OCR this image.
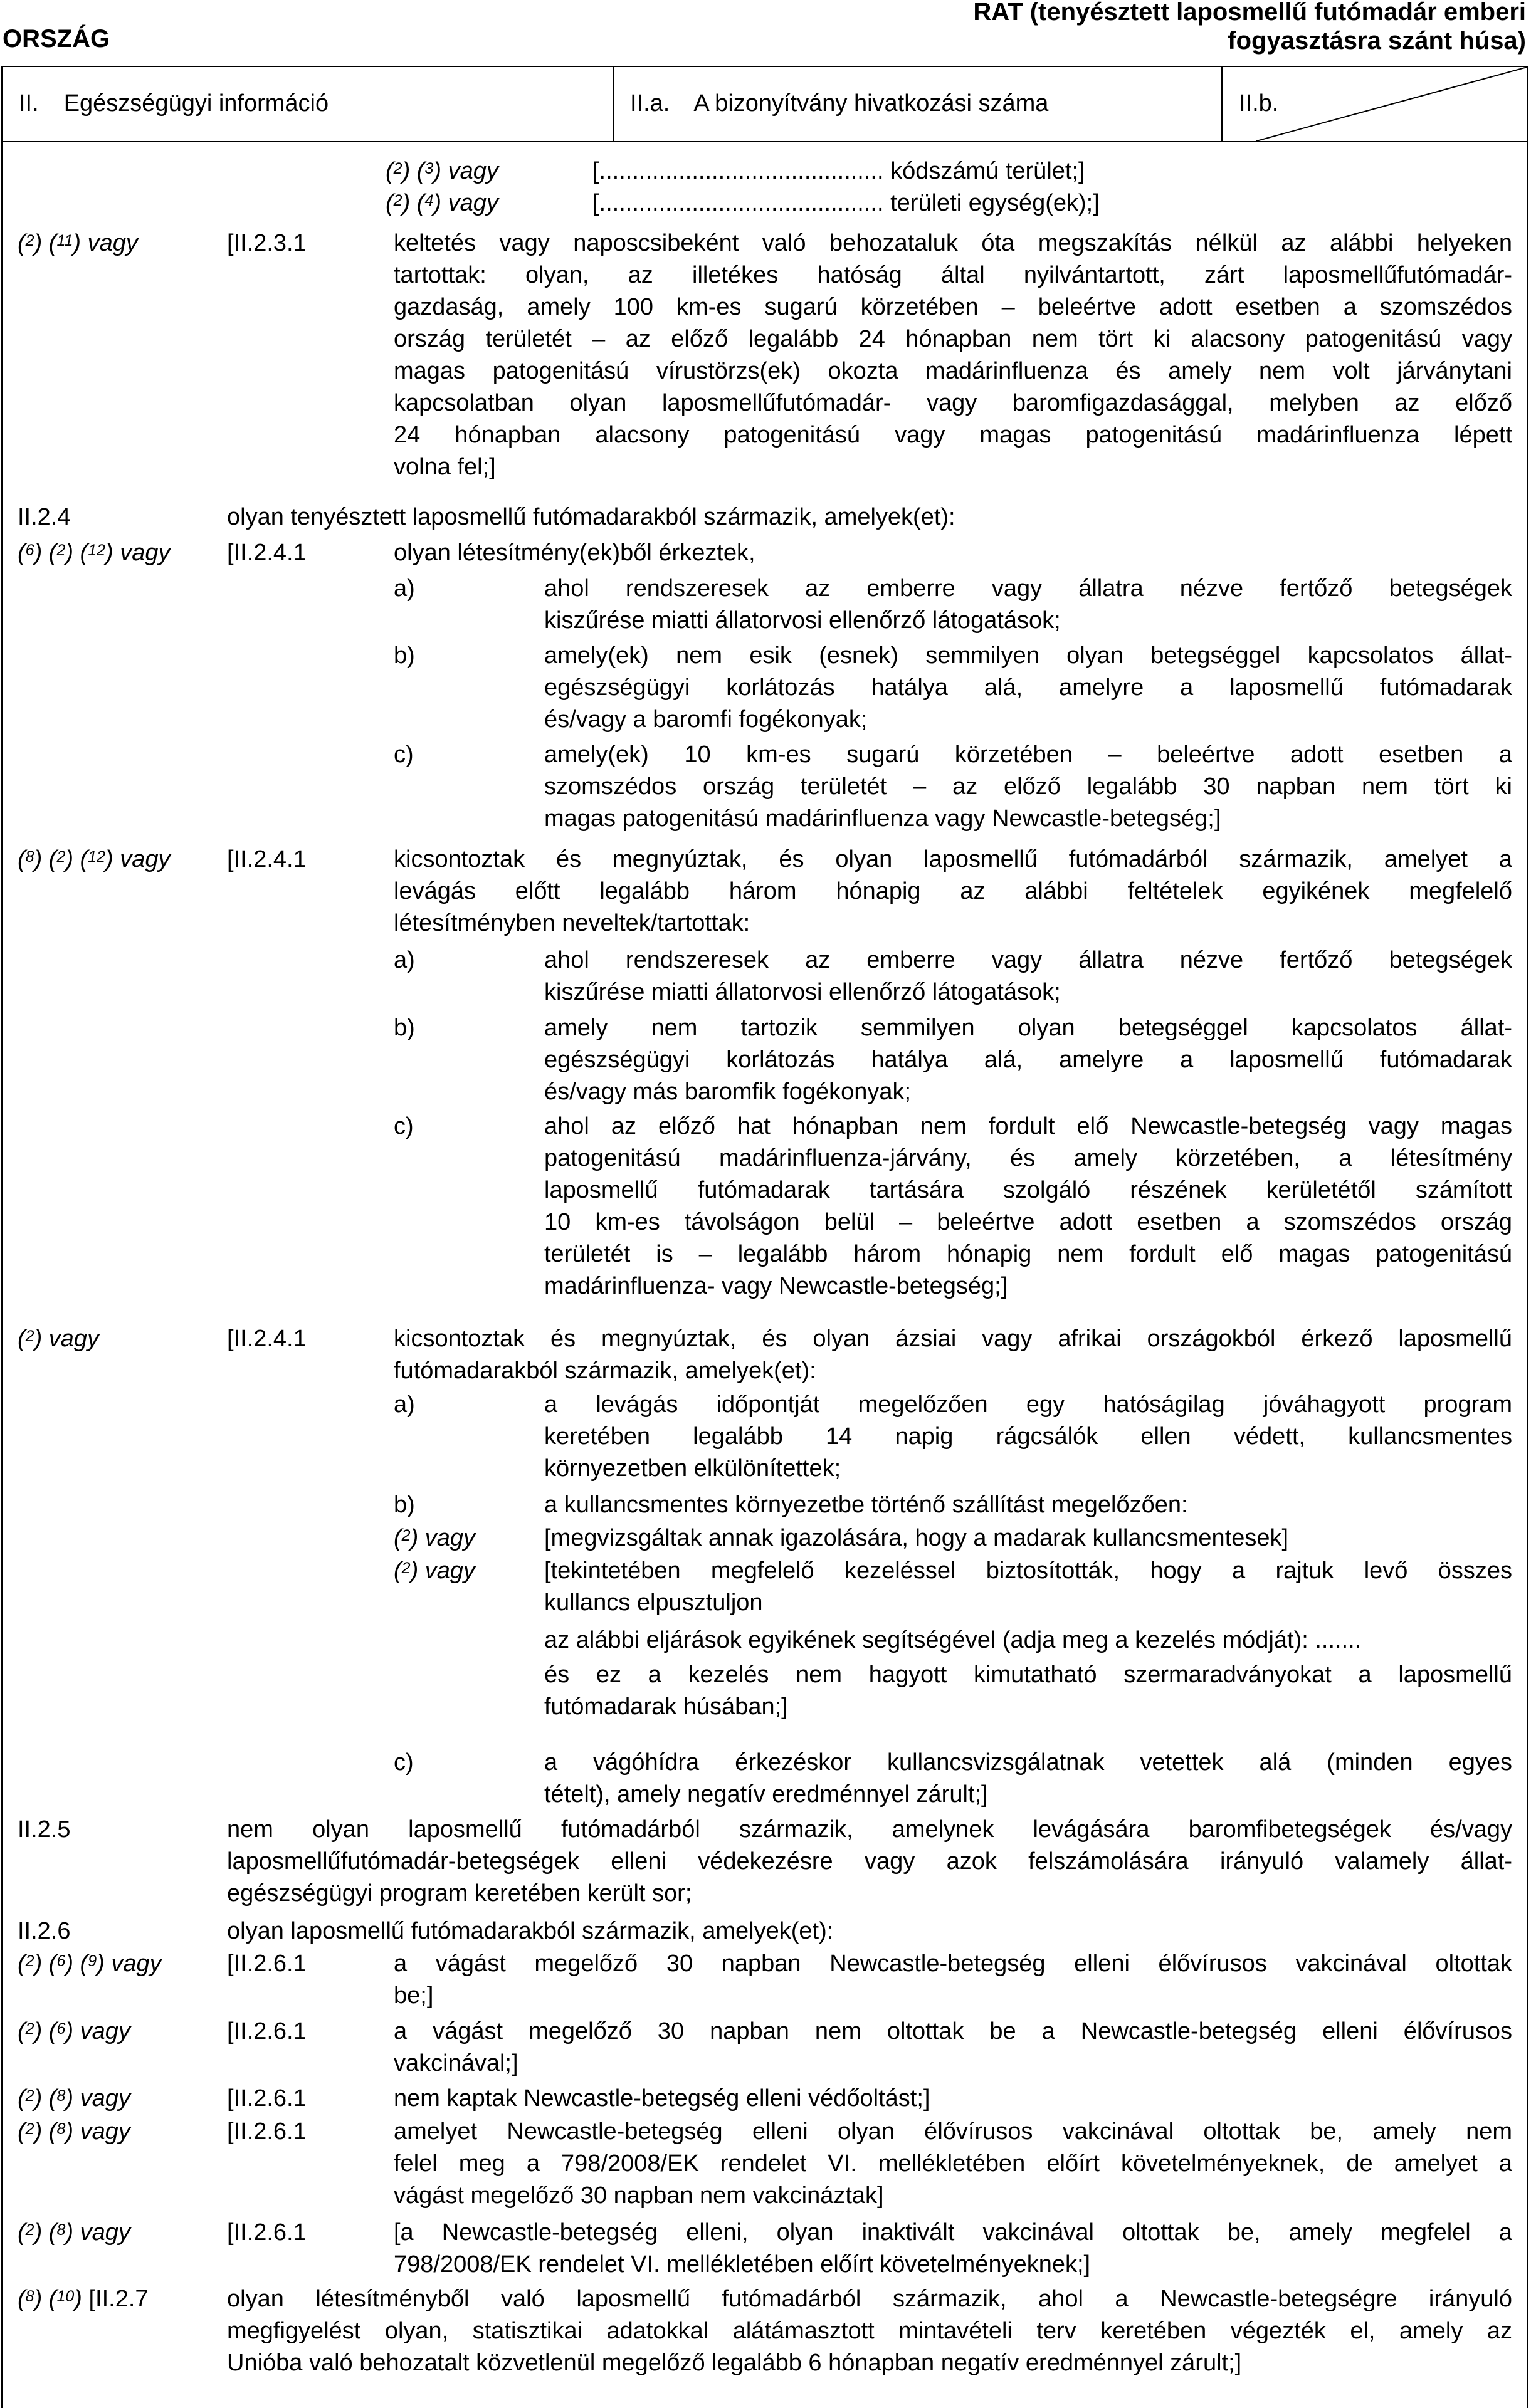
ORSZÁG
RAT (tenyésztett laposmellű futómadár emberi
fogyasztásra szánt húsa)
II. Egészségügyi információ	II.a. A bizonyítvány hivatkozási száma	II.b.
($^2$) ($^3$) vagy	[........................................... kódszámú terület;]
($^2$) ($^4$) vagy	[........................................... területi egység(ek);]
($^2$) ($^{11}$) vagy	[II.2.3.1	keltetés vagy naposcsibeként való behozataluk óta megszakítás nélkül az alábbi helyeken
tartottak: olyan, az illetékes hatóság által nyilvántartott, zárt laposmellűfutómadár-
gazdaság, amely 100 km-es sugarú körzetében – beleértve adott esetben a szomszédos
ország területét – az előző legalább 24 hónapban nem tört ki alacsony patogenitású vagy
magas patogenitású vírustörzs(ek) okozta madárinfluenza és amely nem volt járványtani
kapcsolatban olyan laposmellűfutómadár- vagy baromfigazdasággal, melyben az előző
24 hónapban alacsony patogenitású vagy magas patogenitású madárinfluenza lépett
volna fel;]
II.2.4	olyan tenyésztett laposmellű futómadarakból származik, amelyek(et):
($^6$) ($^2$) ($^{12}$) vagy [II.2.4.1	olyan létesítmény(ek)ből érkeztek,
a)	ahol rendszeresek az emberre vagy állatra nézve fertőző betegségek
kiszűrése miatti állatorvosi ellenőrző látogatások;
b)	amely(ek) nem esik (esnek) semmilyen olyan betegséggel kapcsolatos állat-
egészségügyi korlátozás hatálya alá, amelyre a laposmellű futómadarak
és/vagy a baromfi fogékonyak;
c)	amely(ek) 10 km-es sugarú körzetében – beleértve adott esetben a
szomszédos ország területét – az előző legalább 30 napban nem tört ki
magas patogenitású madárinfluenza vagy Newcastle-betegség;]
($^8$) ($^2$) ($^{12}$) vagy [II.2.4.1	kicsontoztak és megnyúztak, és olyan laposmellű futómadárból származik, amelyet a
levágás előtt legalább három hónapig az alábbi feltételek egyikének megfelelő
létesítményben neveltek/tartottak:
a)	ahol rendszeresek az emberre vagy állatra nézve fertőző betegségek
kiszűrése miatti állatorvosi ellenőrző látogatások;
b)	amely nem tartozik semmilyen olyan betegséggel kapcsolatos állat-
egészségügyi korlátozás hatálya alá, amelyre a laposmellű futómadarak
és/vagy más baromfik fogékonyak;
c)	ahol az előző hat hónapban nem fordult elő Newcastle-betegség vagy magas
patogenitású madárinfluenza-járvány, és amely körzetében, a létesítmény
laposmellű futómadarak tartására szolgáló részének kerületétől számított
10 km-es távolságon belül – beleértve adott esetben a szomszédos ország
területét is – legalább három hónapig nem fordult elő magas patogenitású
madárinfluenza- vagy Newcastle-betegség;]
($^2$) vagy	[II.2.4.1	kicsontoztak és megnyúztak, és olyan ázsiai vagy afrikai országokból érkező laposmellű
futómadarakból származik, amelyek(et):
a)	a levágás időpontját megelőzően egy hatóságilag jóváhagyott program
keretében legalább 14 napig rágcsálók ellen védett, kullancsmentes
környezetben elkülönítettek;
b)	a kullancsmentes környezetbe történő szállítást megelőzően:
($^2$) vagy	[megvizsgáltak annak igazolására, hogy a madarak kullancsmentesek]
($^2$) vagy	[tekintetében megfelelő kezeléssel biztosították, hogy a rajtuk levő összes
kullancs elpusztuljon
az alábbi eljárások egyikének segítségével (adja meg a kezelés módját): .......
és ez a kezelés nem hagyott kimutatható szermaradványokat a laposmellű
futómadarak húsában;]
c)	a vágóhídra érkezéskor kullancsvizsgálatnak vetettek alá (minden egyes
tételt), amely negatív eredménnyel zárult;]
II.2.5	nem olyan laposmellű futómadárból származik, amelynek levágására baromfibetegségek és/vagy
laposmellűfutómadár-betegségek elleni védekezésre vagy azok felszámolására irányuló valamely állat-
egészségügyi program keretében került sor;
II.2.6	olyan laposmellű futómadarakból származik, amelyek(et):
($^2$) ($^6$) ($^9$) vagy	[II.2.6.1	a vágást megelőző 30 napban Newcastle-betegség elleni élővírusos vakcinával oltottak
be;]
($^2$) ($^6$) vagy	[II.2.6.1	a vágást megelőző 30 napban nem oltottak be a Newcastle-betegség elleni élővírusos
vakcinával;]
($^2$) ($^8$) vagy	[II.2.6.1	nem kaptak Newcastle-betegség elleni védőoltást;]
($^2$) ($^8$) vagy	[II.2.6.1	amelyet Newcastle-betegség elleni olyan élővírusos vakcinával oltottak be, amely nem
felel meg a 798/2008/EK rendelet VI. mellékletében előírt követelményeknek, de amelyet a
vágást megelőző 30 napban nem vakcináztak]
($^2$) ($^8$) vagy	[II.2.6.1	[a Newcastle-betegség elleni, olyan inaktivált vakcinával oltottak be, amely megfelel a
798/2008/EK rendelet VI. mellékletében előírt követelményeknek;]
($^8$) ($^{10}$) [II.2.7	olyan létesítményből való laposmellű futómadárból származik, ahol a Newcastle-betegségre irányuló
megfigyelést olyan, statisztikai adatokkal alátámasztott mintavételi terv keretében végezték el, amely az
Unióba való behozatalt közvetlenül megelőző legalább 6 hónapban negatív eredménnyel zárult;]
